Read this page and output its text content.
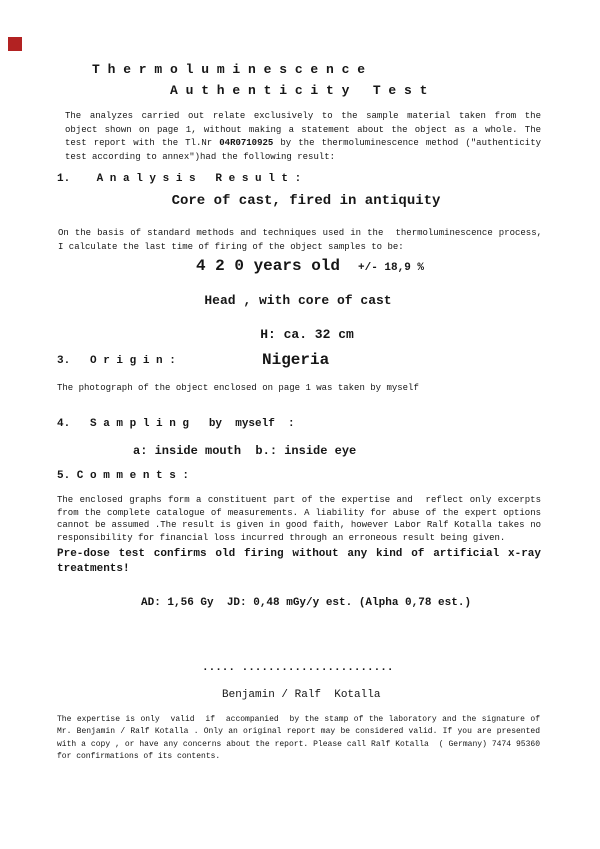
T h e r m o l u m i n e s c e n c e
A u t h e n t i c i t y   T e s t
The analyzes carried out relate exclusively to the sample material taken from the
object shown on page 1, without making a statement about the object as a whole. The
test report with the Tl.Nr 04R0710925 by the thermoluminescence method ("authenticity
test according to annex")had the following result:
1.    A n a l y s i s   R e s u l t :
Core of cast, fired in antiquity
On the basis of standard methods and techniques used in the  thermoluminescence process,
I calculate the last time of firing of the object samples to be:
4 2 0 years old +/- 18,9 %
Head , with core of cast
H: ca. 32 cm
3.   O r i g i n :	Nigeria
The photograph of the object enclosed on page 1 was taken by myself
4.   S a m p l i n g   by  myself  :
a: inside mouth  b.: inside eye
5. C o m m e n t s :
The enclosed graphs form a constituent part of the expertise and  reflect only excerpts
from the complete catalogue of measurements. A liability for abuse of the expert options
cannot be assumed .The result is given in good faith, however Labor Ralf Kotalla takes no
responsibility for financial loss incurred through an erroneous result being given.
Pre-dose test confirms old firing without any kind of artificial x-ray
treatments!
AD: 1,56 Gy  JD: 0,48 mGy/y est. (Alpha 0,78 est.)
..... .......................
Benjamin / Ralf  Kotalla
The expertise is only  valid  if  accompanied  by the stamp of the laboratory and the signature of
Mr. Benjamin / Ralf Kotalla . Only an original report may be considered valid. If you are presented
with a copy , or have any concerns about the report. Please call Ralf Kotalla  ( Germany) 7474 95360
for confirmations of its contents.
